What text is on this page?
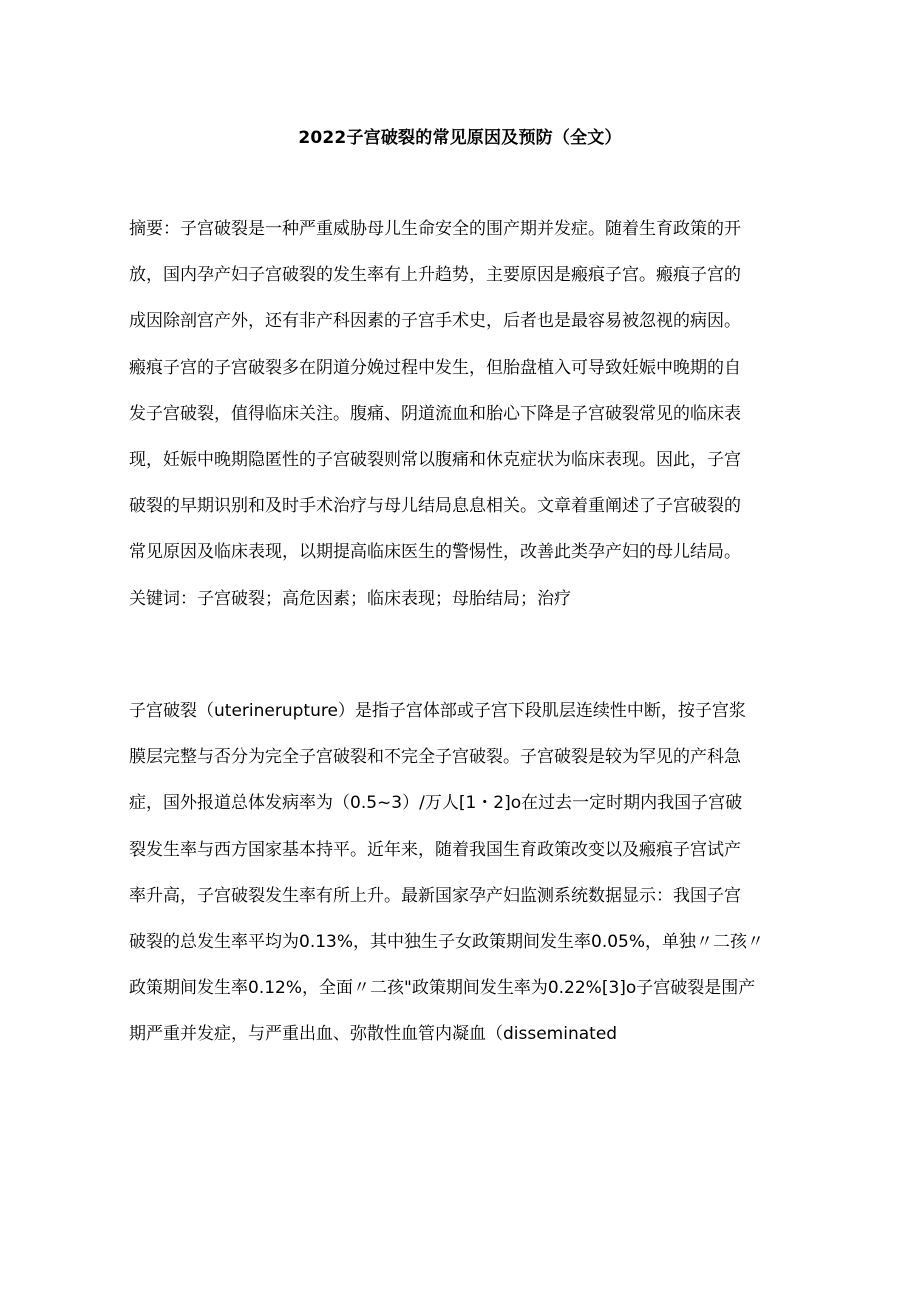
2022子宫破裂的常见原因及预防（全文）
摘要：子宫破裂是一种严重威胁母儿生命安全的围产期并发症。随着生育政策的开
放，国内孕产妇子宫破裂的发生率有上升趋势，主要原因是瘢痕子宫。瘢痕子宫的
成因除剖宫产外，还有非产科因素的子宫手术史，后者也是最容易被忽视的病因。
瘢痕子宫的子宫破裂多在阴道分娩过程中发生，但胎盘植入可导致妊娠中晚期的自
发子宫破裂，值得临床关注。腹痛、阴道流血和胎心下降是子宫破裂常见的临床表
现，妊娠中晚期隐匿性的子宫破裂则常以腹痛和休克症状为临床表现。因此，子宫
破裂的早期识别和及时手术治疗与母儿结局息息相关。文章着重阐述了子宫破裂的
常见原因及临床表现，以期提高临床医生的警惕性，改善此类孕产妇的母儿结局。
关键词：子宫破裂；高危因素；临床表现；母胎结局；治疗
子宫破裂（uterinerupture）是指子宫体部或子宫下段肌层连续性中断，按子宫浆
膜层完整与否分为完全子宫破裂和不完全子宫破裂。子宫破裂是较为罕见的产科急
症，国外报道总体发病率为（0.5~3）/万人[1・2]o在过去一定时期内我国子宫破
裂发生率与西方国家基本持平。近年来，随着我国生育政策改变以及瘢痕子宫试产
率升高，子宫破裂发生率有所上升。最新国家孕产妇监测系统数据显示：我国子宫
破裂的总发生率平均为0.13%，其中独生子女政策期间发生率0.05%，单独〃二孩〃
政策期间发生率0.12%，全面〃二孩"政策期间发生率为0.22%[3]o子宫破裂是围产
期严重并发症，与严重出血、弥散性血管内凝血（disseminated
